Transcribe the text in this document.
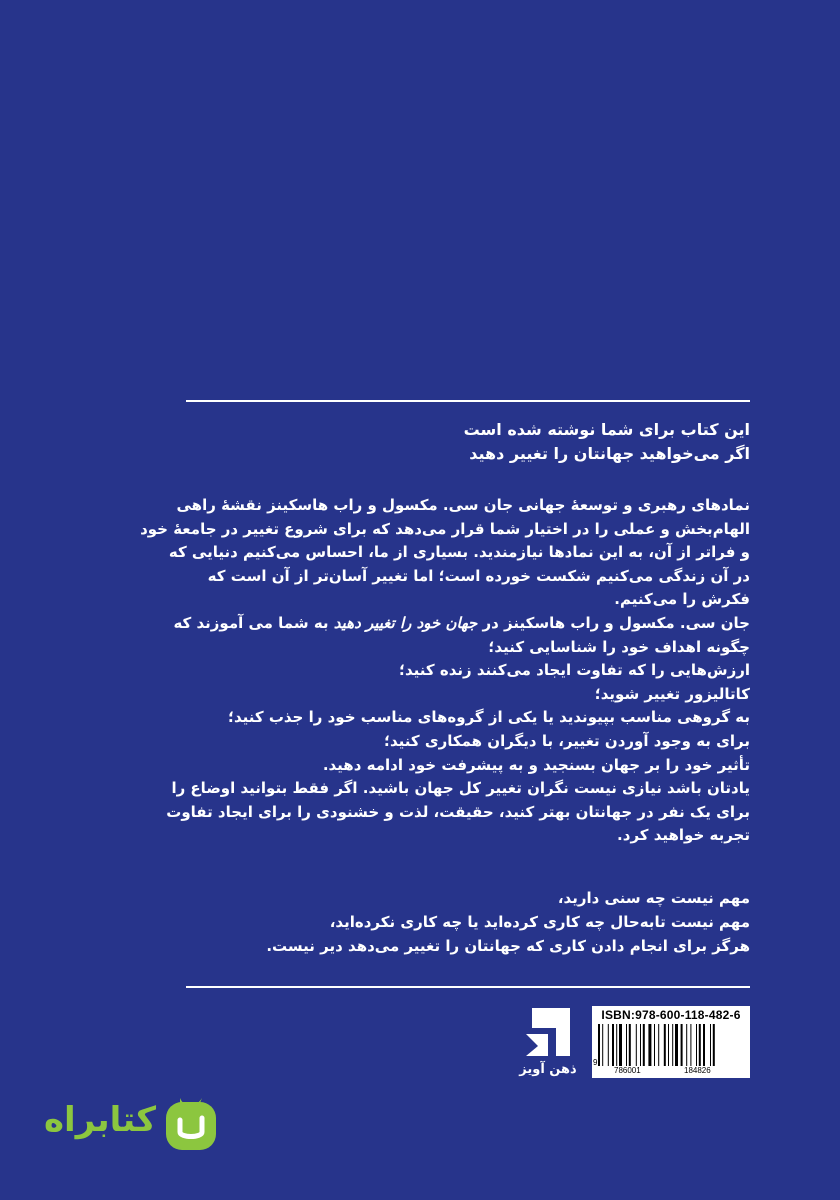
این کتاب برای شما نوشته شده است
اگر می‌خواهید جهانتان را تغییر دهید

نمادهای رهبری و توسعهٔ جهانی جان سی. مکسول و راب هاسکینز نقشهٔ راهی
الهام‌بخش و عملی را در اختیار شما قرار می‌دهد که برای شروع تغییر در جامعهٔ خود
و فراتر از آن، به این نمادها نیازمندید. بسیاری از ما، احساس می‌کنیم دنیایی که
در آن زندگی می‌کنیم شکست خورده است؛ اما تغییر آسان‌تر از آن است که
فکرش را می‌کنیم.

جان سی. مکسول و راب هاسکینز در جهان خود را تغییر دهید به شما می آموزند که
چگونه اهداف خود را شناسایی کنید؛
ارزش‌هایی را که تفاوت ایجاد می‌کنند زنده کنید؛
کاتالیزور تغییر شوید؛
به گروهی مناسب بپیوندید یا یکی از گروه‌های مناسب خود را جذب کنید؛
برای به وجود آوردن تغییر، با دیگران همکاری کنید؛
تأثیر خود را بر جهان بسنجید و به پیشرفت خود ادامه دهید.

یادتان باشد نیازی نیست نگران تغییر کل جهان باشید. اگر فقط بتوانید اوضاع را
برای یک نفر در جهانتان بهتر کنید، حقیقت، لذت و خشنودی را برای ایجاد تفاوت
تجربه خواهید کرد.

مهم نیست چه سنی دارید،
مهم نیست تابه‌حال چه کاری کرده‌اید یا چه کاری نکرده‌اید،
هرگز برای انجام دادن کاری که جهانتان را تغییر می‌دهد دیر نیست.
ISBN:978-600-118-482-6
9
786001	184826
ذهن آویز
کتابراه
